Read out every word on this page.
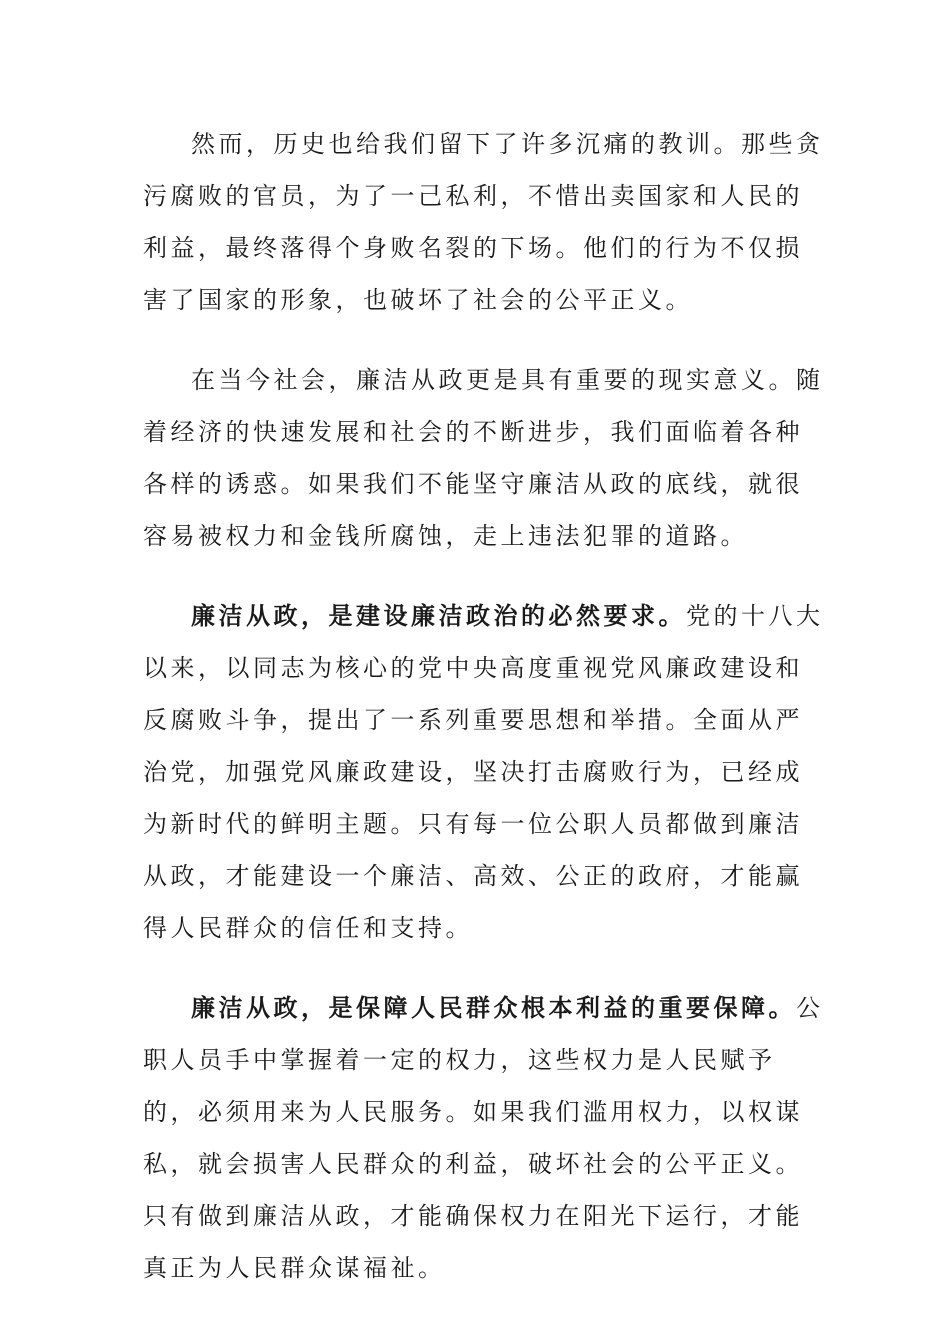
然而，历史也给我们留下了许多沉痛的教训。那些贪污腐败的官员，为了一己私利，不惜出卖国家和人民的利益，最终落得个身败名裂的下场。他们的行为不仅损害了国家的形象，也破坏了社会的公平正义。

在当今社会，廉洁从政更是具有重要的现实意义。随着经济的快速发展和社会的不断进步，我们面临着各种各样的诱惑。如果我们不能坚守廉洁从政的底线，就很容易被权力和金钱所腐蚀，走上违法犯罪的道路。

廉洁从政，是建设廉洁政治的必然要求。党的十八大以来，以同志为核心的党中央高度重视党风廉政建设和反腐败斗争，提出了一系列重要思想和举措。全面从严治党，加强党风廉政建设，坚决打击腐败行为，已经成为新时代的鲜明主题。只有每一位公职人员都做到廉洁从政，才能建设一个廉洁、高效、公正的政府，才能赢得人民群众的信任和支持。

廉洁从政，是保障人民群众根本利益的重要保障。公职人员手中掌握着一定的权力，这些权力是人民赋予的，必须用来为人民服务。如果我们滥用权力，以权谋私，就会损害人民群众的利益，破坏社会的公平正义。只有做到廉洁从政，才能确保权力在阳光下运行，才能真正为人民群众谋福祉。
